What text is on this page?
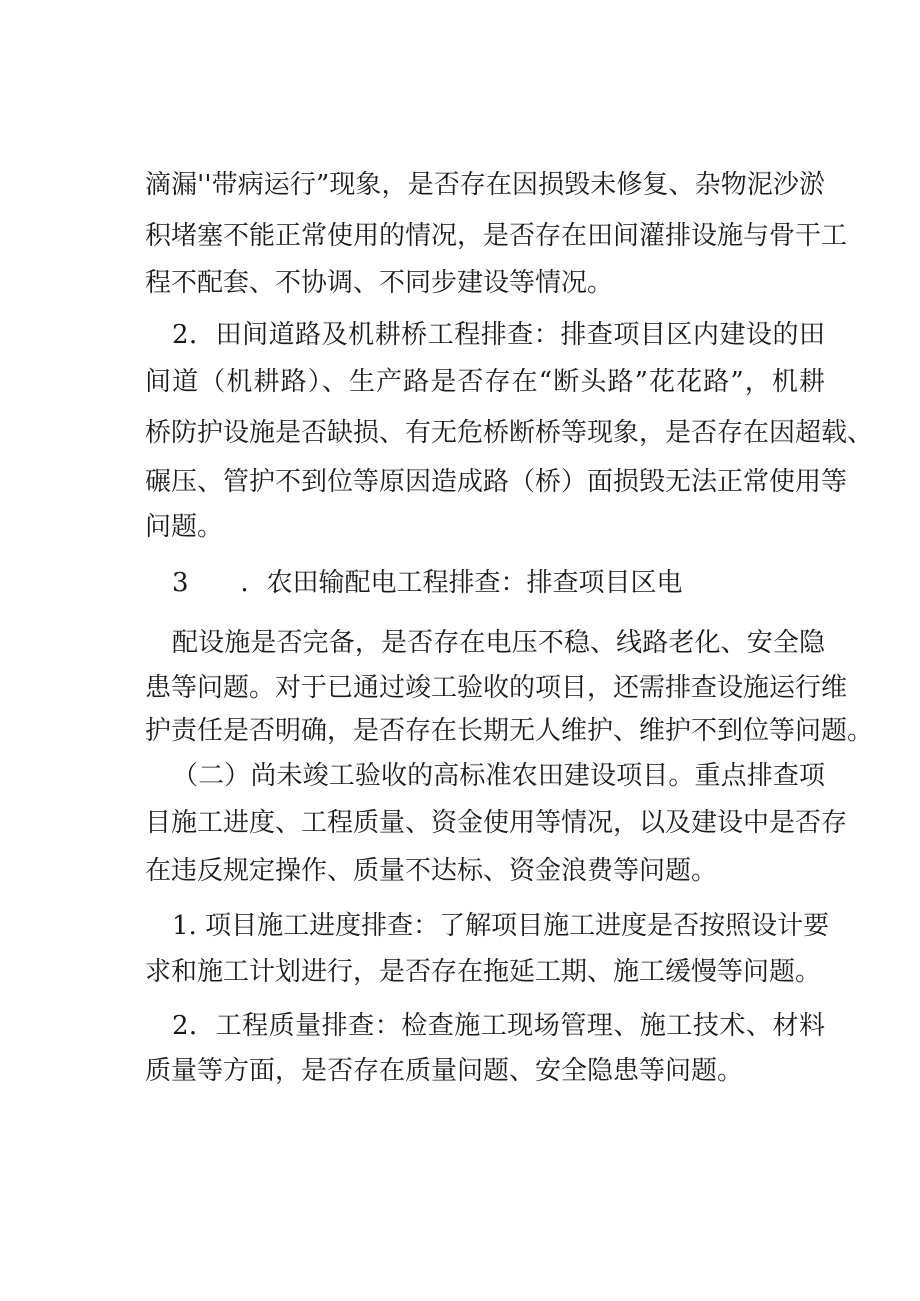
滴漏''带病运行”现象，是否存在因损毁未修复、杂物泥沙淤

积堵塞不能正常使用的情况，是否存在田间灌排设施与骨干工

程不配套、不协调、不同步建设等情况。

2．田间道路及机耕桥工程排查：排查项目区内建设的田

间道（机耕路）、生产路是否存在“断头路”花花路”，机耕

桥防护设施是否缺损、有无危桥断桥等现象，是否存在因超载、

碾压、管护不到位等原因造成路（桥）面损毁无法正常使用等

问题。

3　　．农田输配电工程排查：排查项目区电

配设施是否完备，是否存在电压不稳、线路老化、安全隐

患等问题。对于已通过竣工验收的项目，还需排查设施运行维

护责任是否明确，是否存在长期无人维护、维护不到位等问题。

（二）尚未竣工验收的高标准农田建设项目。重点排查项

目施工进度、工程质量、资金使用等情况，以及建设中是否存

在违反规定操作、质量不达标、资金浪费等问题。

1. 项目施工进度排查：了解项目施工进度是否按照设计要

求和施工计划进行，是否存在拖延工期、施工缓慢等问题。

2．工程质量排查：检查施工现场管理、施工技术、材料

质量等方面，是否存在质量问题、安全隐患等问题。
